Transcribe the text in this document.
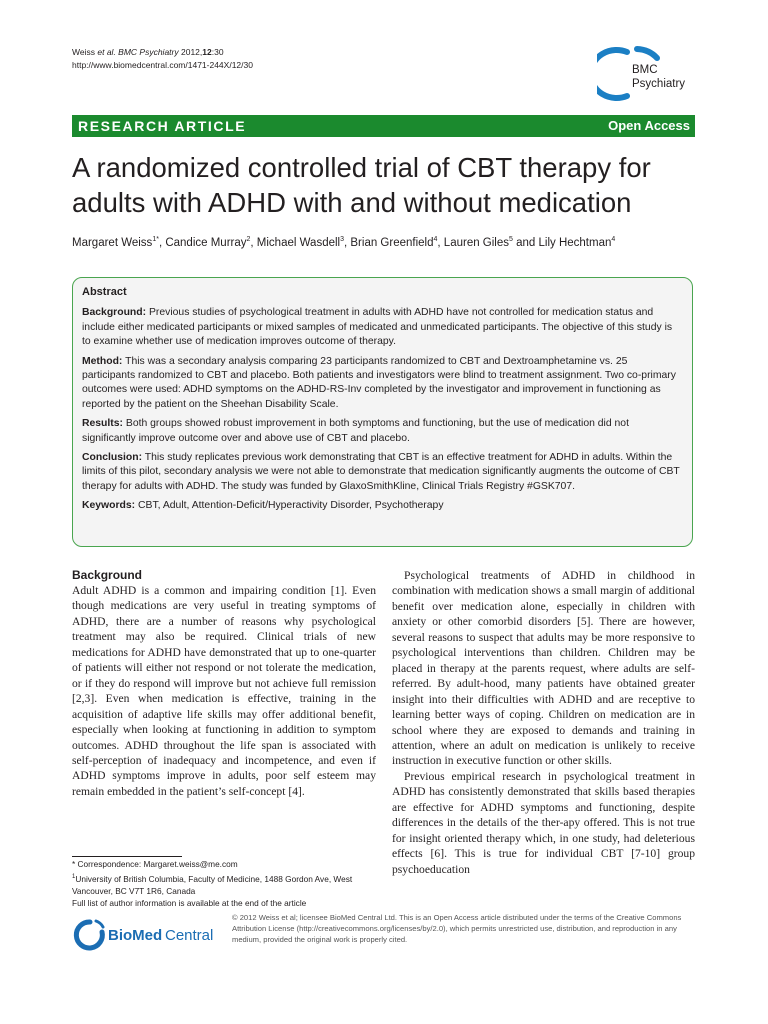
Weiss et al. BMC Psychiatry 2012,12:30
http://www.biomedcentral.com/1471-244X/12/30	BMC
Psychiatry
RESEARCH ARTICLE	Open Access
A randomized controlled trial of CBT therapy for adults with ADHD with and without medication
Margaret Weiss$^{1*}$, Candice Murray$^2$, Michael Wasdell$^3$, Brian Greenfield$^4$, Lauren Giles$^5$ and Lily Hechtman$^4$
Abstract

Background: Previous studies of psychological treatment in adults with ADHD have not controlled for medication status and include either medicated participants or mixed samples of medicated and unmedicated participants. The objective of this study is to examine whether use of medication improves outcome of therapy.

Method: This was a secondary analysis comparing 23 participants randomized to CBT and Dextroamphetamine vs. 25 participants randomized to CBT and placebo. Both patients and investigators were blind to treatment assignment. Two co-primary outcomes were used: ADHD symptoms on the ADHD-RS-Inv completed by the investigator and improvement in functioning as reported by the patient on the Sheehan Disability Scale.

Results: Both groups showed robust improvement in both symptoms and functioning, but the use of medication did not significantly improve outcome over and above use of CBT and placebo.

Conclusion: This study replicates previous work demonstrating that CBT is an effective treatment for ADHD in adults. Within the limits of this pilot, secondary analysis we were not able to demonstrate that medication significantly augments the outcome of CBT therapy for adults with ADHD. The study was funded by GlaxoSmithKline, Clinical Trials Registry #GSK707.

Keywords: CBT, Adult, Attention-Deficit/Hyperactivity Disorder, Psychotherapy

Background

Adult ADHD is a common and impairing condition [1]. Even though medications are very useful in treating symptoms of ADHD, there are a number of reasons why psychological treatment may also be required. Clinical trials of new medications for ADHD have demonstrated that up to one-quarter of patients will either not respond or not tolerate the medication, or if they do respond will improve but not achieve full remission [2,3]. Even when medication is effective, training in the acquisition of adaptive life skills may offer additional benefit, especially when looking at functioning in addition to symptom outcomes. ADHD throughout the life span is associated with self-perception of inadequacy and incompetence, and even if ADHD symptoms improve in adults, poor self esteem may remain embedded in the patient’s self-concept [4].

Psychological treatments of ADHD in childhood in combination with medication shows a small margin of additional benefit over medication alone, especially in children with anxiety or other comorbid disorders [5]. There are however, several reasons to suspect that adults may be more responsive to psychological interventions than children. Children may be placed in therapy at the parents request, where adults are self-referred. By adult-hood, many patients have obtained greater insight into their difficulties with ADHD and are receptive to learning better ways of coping. Children on medication are in school where they are exposed to demands and training in attention, where an adult on medication is unlikely to receive instruction in executive function or other skills.

Previous empirical research in psychological treatment in ADHD has consistently demonstrated that skills based therapies are effective for ADHD symptoms and functioning, despite differences in the details of the ther-apy offered. This is not true for insight oriented therapy which, in one study, had deleterious effects [6]. This is true for individual CBT [7-10] group psychoeducation

* Correspondence: Margaret.weiss@me.com
$^1$University of British Columbia, Faculty of Medicine, 1488 Gordon Ave, West Vancouver, BC V7T 1R6, Canada
Full list of author information is available at the end of the article
BioMed Central
© 2012 Weiss et al; licensee BioMed Central Ltd. This is an Open Access article distributed under the terms of the Creative Commons Attribution License (http://creativecommons.org/licenses/by/2.0), which permits unrestricted use, distribution, and reproduction in any medium, provided the original work is properly cited.
